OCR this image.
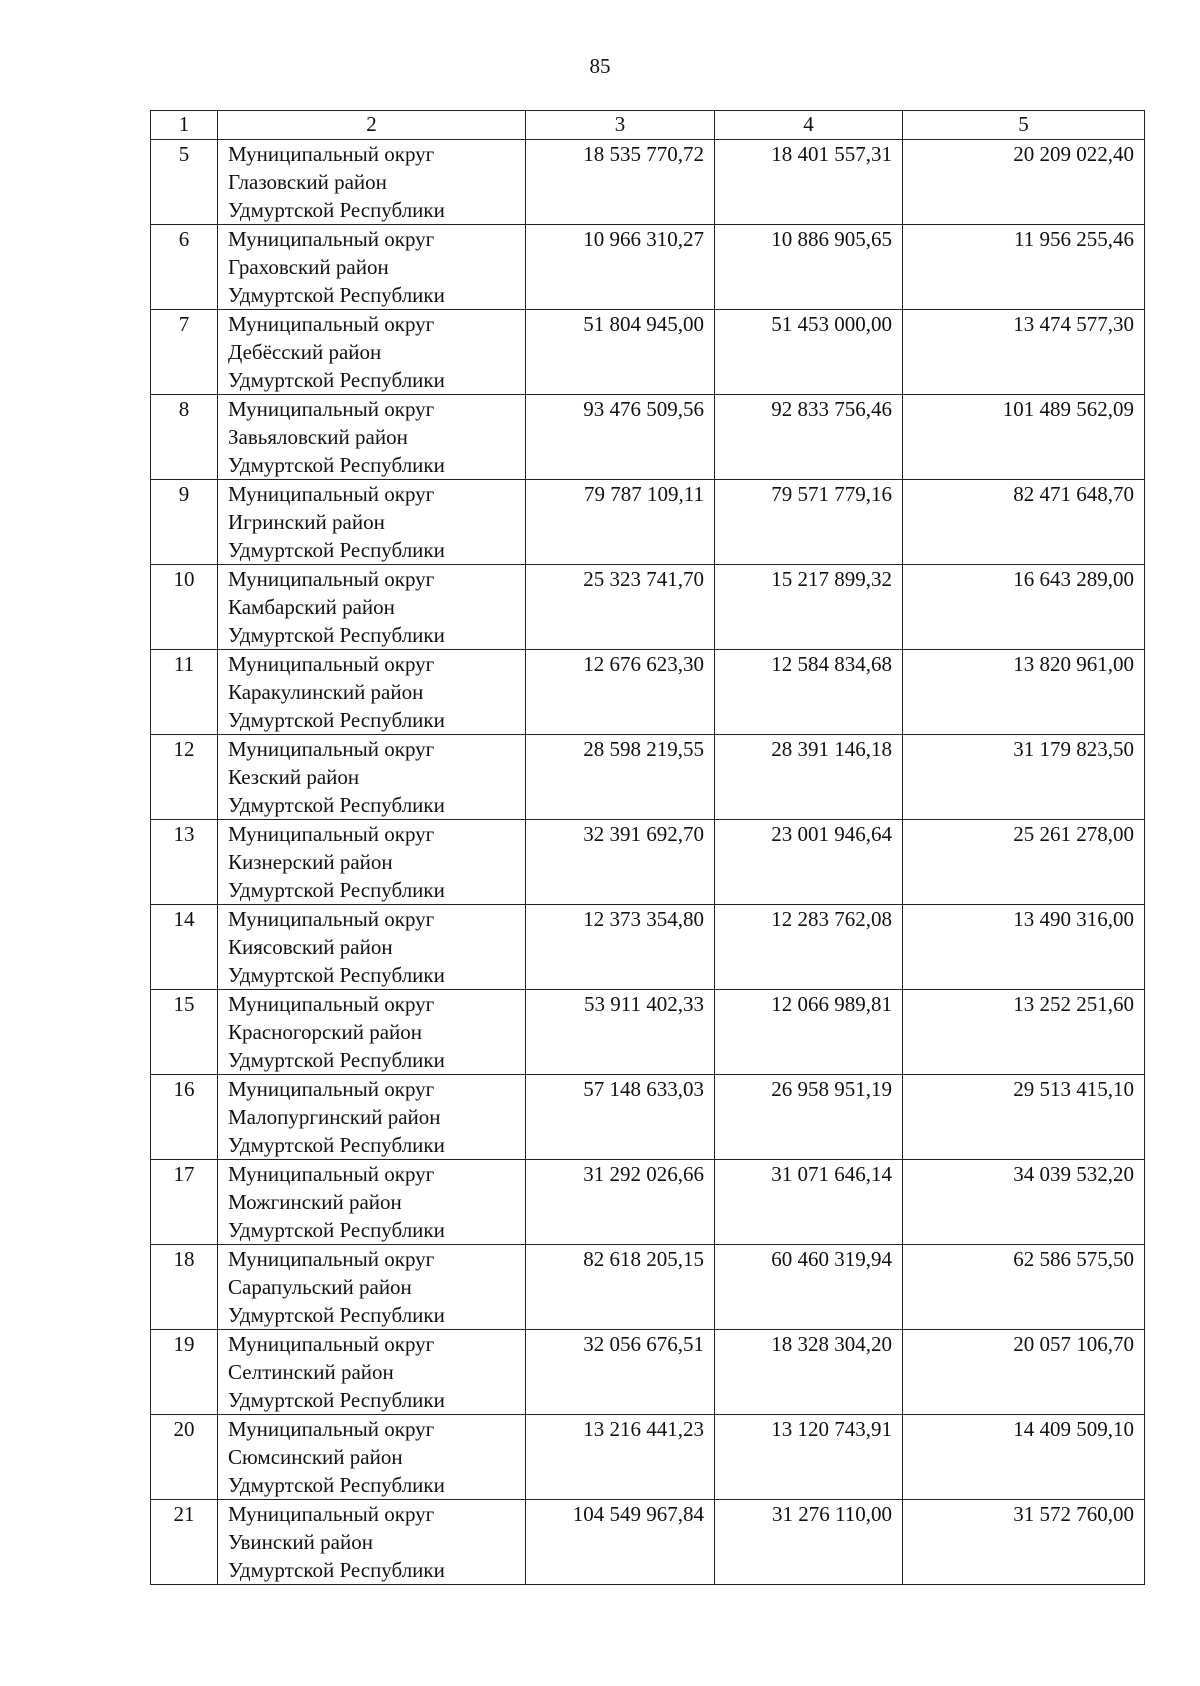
85
1	2	3	4	5
5	Муниципальный округ
Глазовский район
Удмуртской Республики	18 535 770,72	18 401 557,31	20 209 022,40
6	Муниципальный округ
Граховский район
Удмуртской Республики	10 966 310,27	10 886 905,65	11 956 255,46
7	Муниципальный округ
Дебёсский район
Удмуртской Республики	51 804 945,00	51 453 000,00	13 474 577,30
8	Муниципальный округ
Завьяловский район
Удмуртской Республики	93 476 509,56	92 833 756,46	101 489 562,09
9	Муниципальный округ
Игринский район
Удмуртской Республики	79 787 109,11	79 571 779,16	82 471 648,70
10	Муниципальный округ
Камбарский район
Удмуртской Республики	25 323 741,70	15 217 899,32	16 643 289,00
11	Муниципальный округ
Каракулинский район
Удмуртской Республики	12 676 623,30	12 584 834,68	13 820 961,00
12	Муниципальный округ
Кезский район
Удмуртской Республики	28 598 219,55	28 391 146,18	31 179 823,50
13	Муниципальный округ
Кизнерский район
Удмуртской Республики	32 391 692,70	23 001 946,64	25 261 278,00
14	Муниципальный округ
Киясовский район
Удмуртской Республики	12 373 354,80	12 283 762,08	13 490 316,00
15	Муниципальный округ
Красногорский район
Удмуртской Республики	53 911 402,33	12 066 989,81	13 252 251,60
16	Муниципальный округ
Малопургинский район
Удмуртской Республики	57 148 633,03	26 958 951,19	29 513 415,10
17	Муниципальный округ
Можгинский район
Удмуртской Республики	31 292 026,66	31 071 646,14	34 039 532,20
18	Муниципальный округ
Сарапульский район
Удмуртской Республики	82 618 205,15	60 460 319,94	62 586 575,50
19	Муниципальный округ
Селтинский район
Удмуртской Республики	32 056 676,51	18 328 304,20	20 057 106,70
20	Муниципальный округ
Сюмсинский район
Удмуртской Республики	13 216 441,23	13 120 743,91	14 409 509,10
21	Муниципальный округ
Увинский район
Удмуртской Республики	104 549 967,84	31 276 110,00	31 572 760,00
